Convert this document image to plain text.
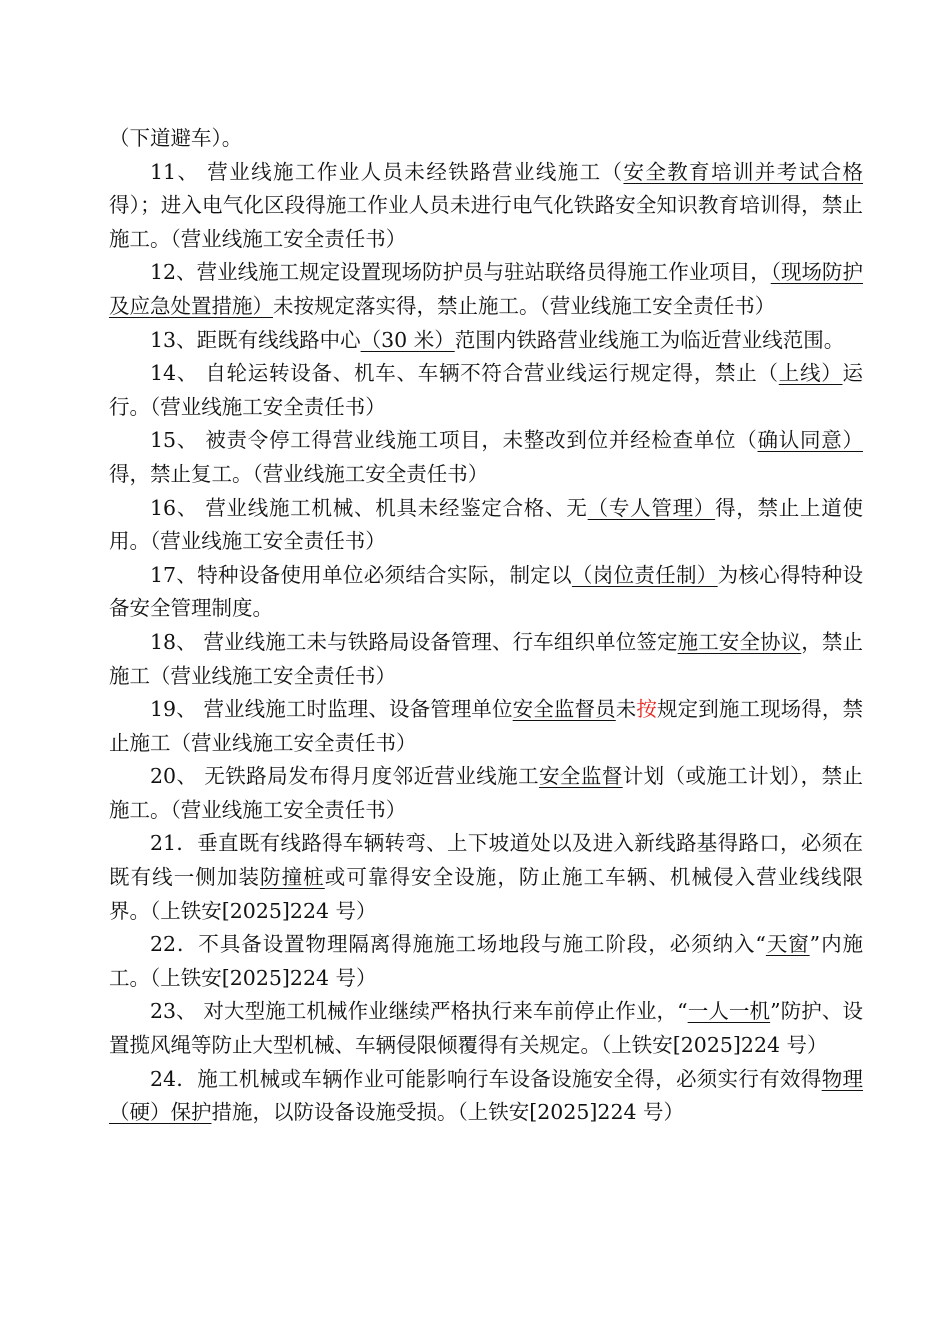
（下道避车）。

11、 营业线施工作业人员未经铁路营业线施工（安全教育培训并考试合格得）；进入电气化区段得施工作业人员未进行电气化铁路安全知识教育培训得，禁止施工。（营业线施工安全责任书）

12、营业线施工规定设置现场防护员与驻站联络员得施工作业项目，（现场防护及应急处置措施）未按规定落实得，禁止施工。（营业线施工安全责任书）

13、距既有线线路中心（30 米）范围内铁路营业线施工为临近营业线范围。

14、 自轮运转设备、机车、车辆不符合营业线运行规定得，禁止（上线）运行。（营业线施工安全责任书）

15、 被责令停工得营业线施工项目，未整改到位并经检查单位（确认同意）得，禁止复工。（营业线施工安全责任书）

16、 营业线施工机械、机具未经鉴定合格、无（专人管理）得，禁止上道使用。（营业线施工安全责任书）

17、特种设备使用单位必须结合实际，制定以（岗位责任制）为核心得特种设备安全管理制度。

18、 营业线施工未与铁路局设备管理、行车组织单位签定施工安全协议，禁止施工（营业线施工安全责任书）

19、 营业线施工时监理、设备管理单位安全监督员未按规定到施工现场得，禁止施工（营业线施工安全责任书）

20、 无铁路局发布得月度邻近营业线施工安全监督计划（或施工计划），禁止施工。（营业线施工安全责任书）

21．垂直既有线路得车辆转弯、上下坡道处以及进入新线路基得路口，必须在既有线一侧加装防撞桩或可靠得安全设施，防止施工车辆、机械侵入营业线线限界。（上铁安[2025]224 号）

22．不具备设置物理隔离得施施工场地段与施工阶段，必须纳入“天窗”内施工。（上铁安[2025]224 号）

23、 对大型施工机械作业继续严格执行来车前停止作业，“一人一机”防护、设置揽风绳等防止大型机械、车辆侵限倾覆得有关规定。（上铁安[2025]224 号）

24．施工机械或车辆作业可能影响行车设备设施安全得，必须实行有效得物理（硬）保护措施，以防设备设施受损。（上铁安[2025]224 号）
